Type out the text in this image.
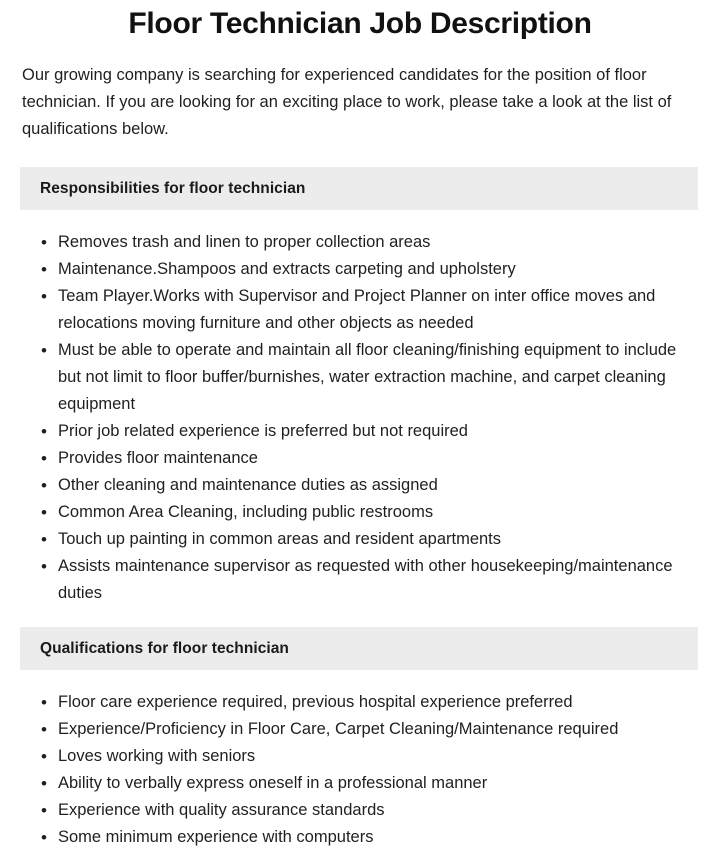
Floor Technician Job Description

Our growing company is searching for experienced candidates for the position of floor technician. If you are looking for an exciting place to work, please take a look at the list of qualifications below.

Responsibilities for floor technician
• Removes trash and linen to proper collection areas
• Maintenance.Shampoos and extracts carpeting and upholstery
• Team Player.Works with Supervisor and Project Planner on inter office moves and relocations moving furniture and other objects as needed
• Must be able to operate and maintain all floor cleaning/finishing equipment to include but not limit to floor buffer/burnishes, water extraction machine, and carpet cleaning equipment
• Prior job related experience is preferred but not required
• Provides floor maintenance
• Other cleaning and maintenance duties as assigned
• Common Area Cleaning, including public restrooms
• Touch up painting in common areas and resident apartments
• Assists maintenance supervisor as requested with other housekeeping/maintenance duties
Qualifications for floor technician
• Floor care experience required, previous hospital experience preferred
• Experience/Proficiency in Floor Care, Carpet Cleaning/Maintenance required
• Loves working with seniors
• Ability to verbally express oneself in a professional manner
• Experience with quality assurance standards
• Some minimum experience with computers
